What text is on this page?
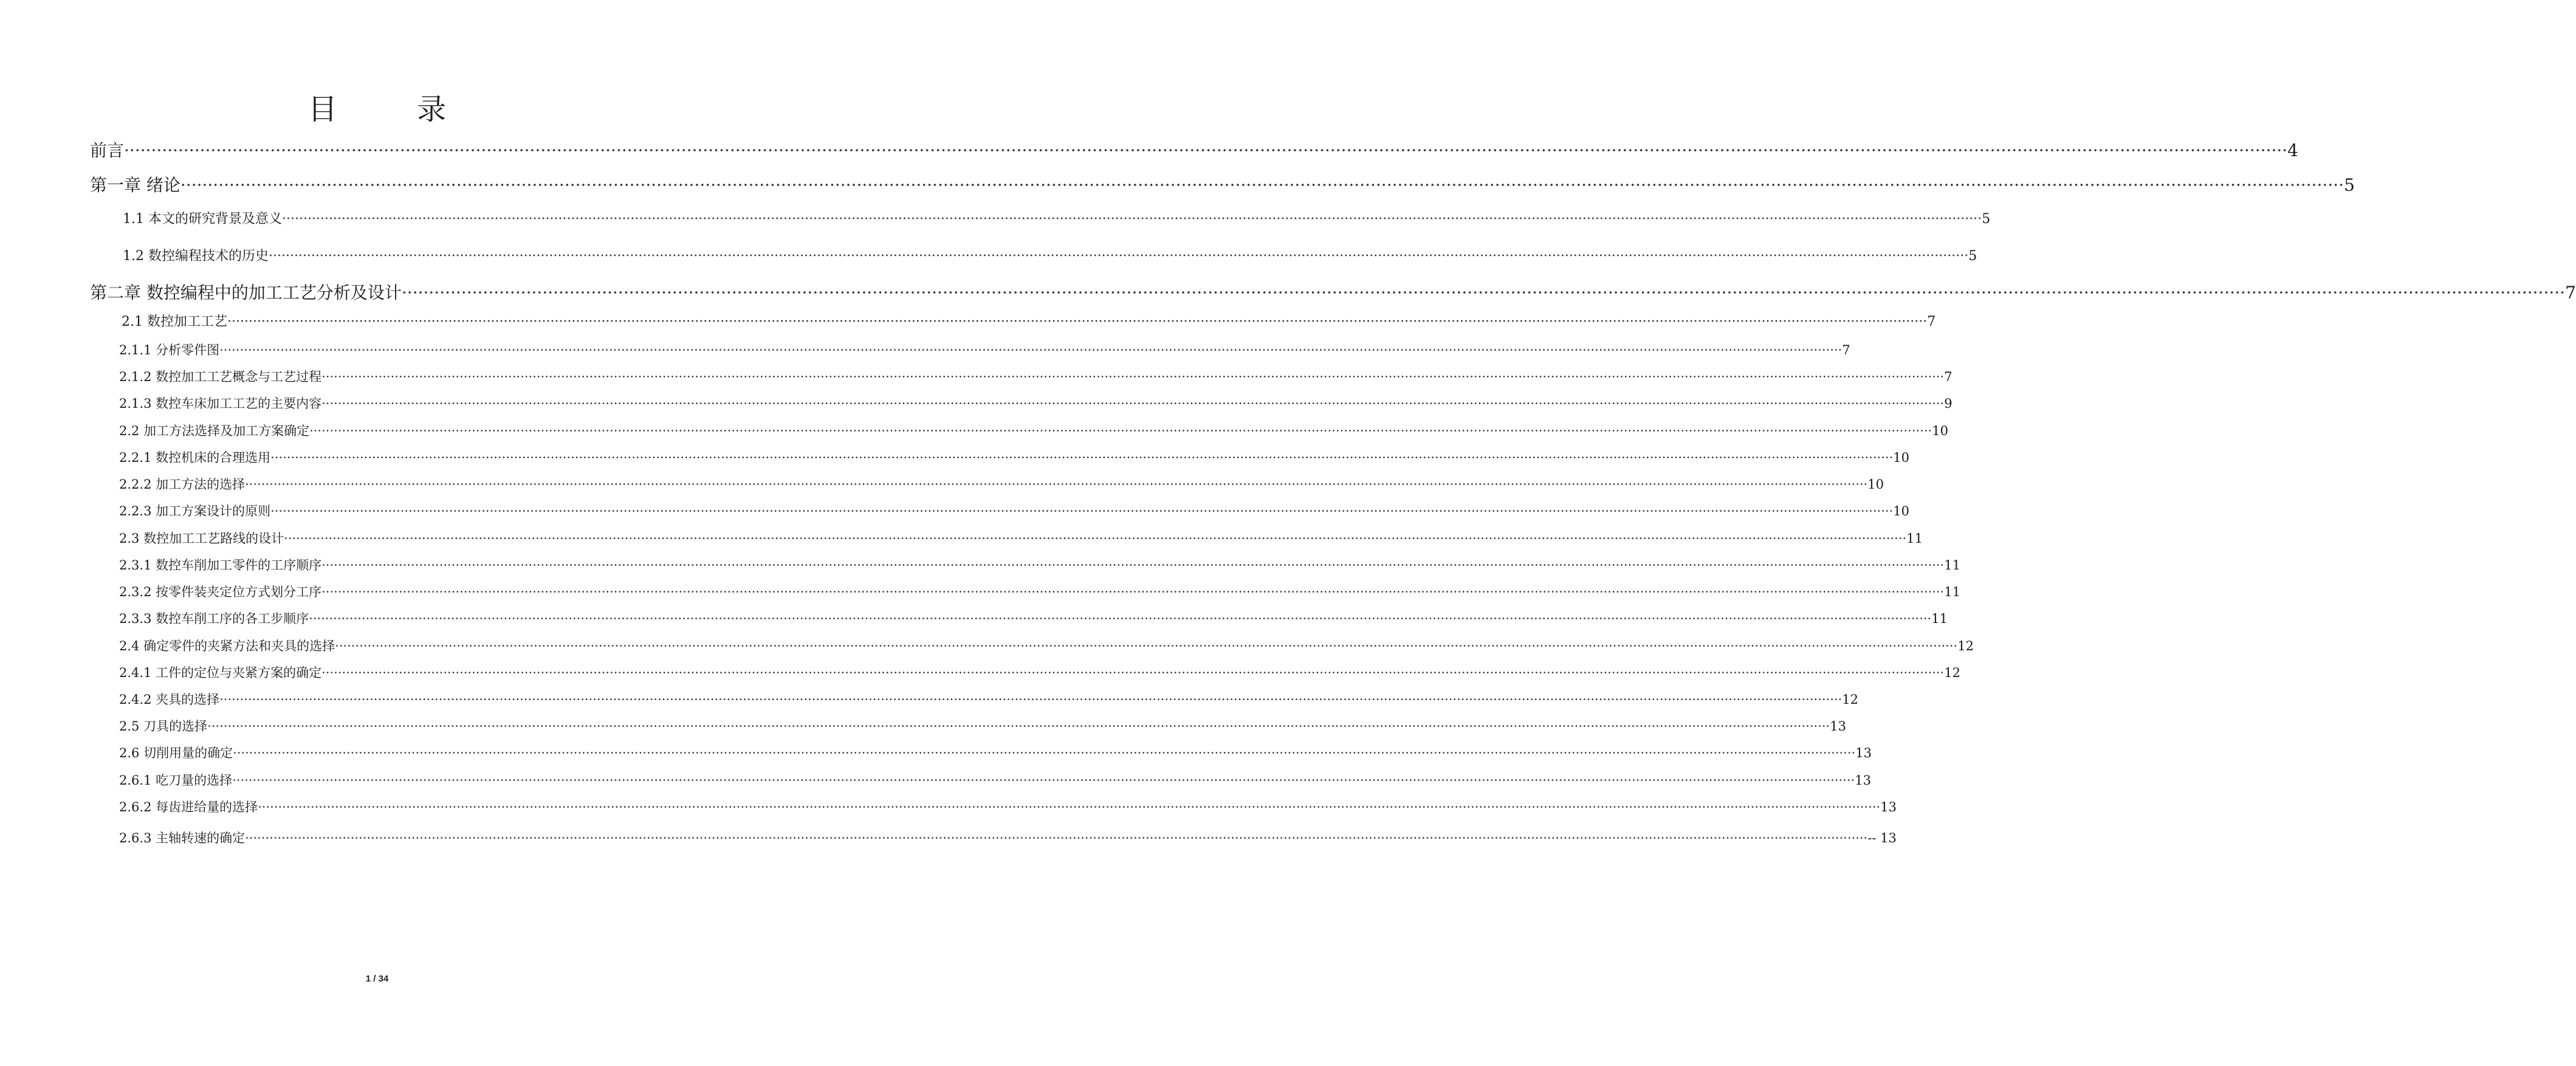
目 录
前言 ················································································································································································································································································································································································································ 4
第一章 绪论 ················································································································································································································································································································································································································ 5
1.1 本文的研究背景及意义 ················································································································································································································································································································································································································ 5
1.2 数控编程技术的历史 ················································································································································································································································································································································································································ 5
第二章 数控编程中的加工工艺分析及设计 ················································································································································································································································································································································································································ 7
2.1 数控加工工艺 ················································································································································································································································································································································································································ 7
2.1.1 分析零件图 ················································································································································································································································································································································································································ 7
2.1.2 数控加工工艺概念与工艺过程 ················································································································································································································································································································································································································ 7
2.1.3 数控车床加工工艺的主要内容 ················································································································································································································································································································································································································ 9
2.2 加工方法选择及加工方案确定 ················································································································································································································································································································································································································ 10
2.2.1 数控机床的合理选用 ················································································································································································································································································································································································································ 10
2.2.2 加工方法的选择 ················································································································································································································································································································································································································ 10
2.2.3 加工方案设计的原则 ················································································································································································································································································································································································································ 10
2.3 数控加工工艺路线的设计 ················································································································································································································································································································································································································ 11
2.3.1 数控车削加工零件的工序顺序 ················································································································································································································································································································································································································ 11
2.3.2 按零件装夹定位方式划分工序 ················································································································································································································································································································································································································ 11
2.3.3 数控车削工序的各工步顺序 ················································································································································································································································································································································································································ 11
2.4 确定零件的夹紧方法和夹具的选择 ················································································································································································································································································································································································································ 12
2.4.1 工件的定位与夹紧方案的确定 ················································································································································································································································································································································································································ 12
2.4.2 夹具的选择 ················································································································································································································································································································································································································ 12
2.5 刀具的选择 ················································································································································································································································································································································································································ 13
2.6 切削用量的确定 ················································································································································································································································································································································································································ 13
2.6.1 吃刀量的选择 ················································································································································································································································································································································································································ 13
2.6.2 每齿进给量的选择 ················································································································································································································································································································································································································ 13
2.6.3 主轴转速的确定 ················································································································································································································································································································································································································ -- 13
1 / 34
